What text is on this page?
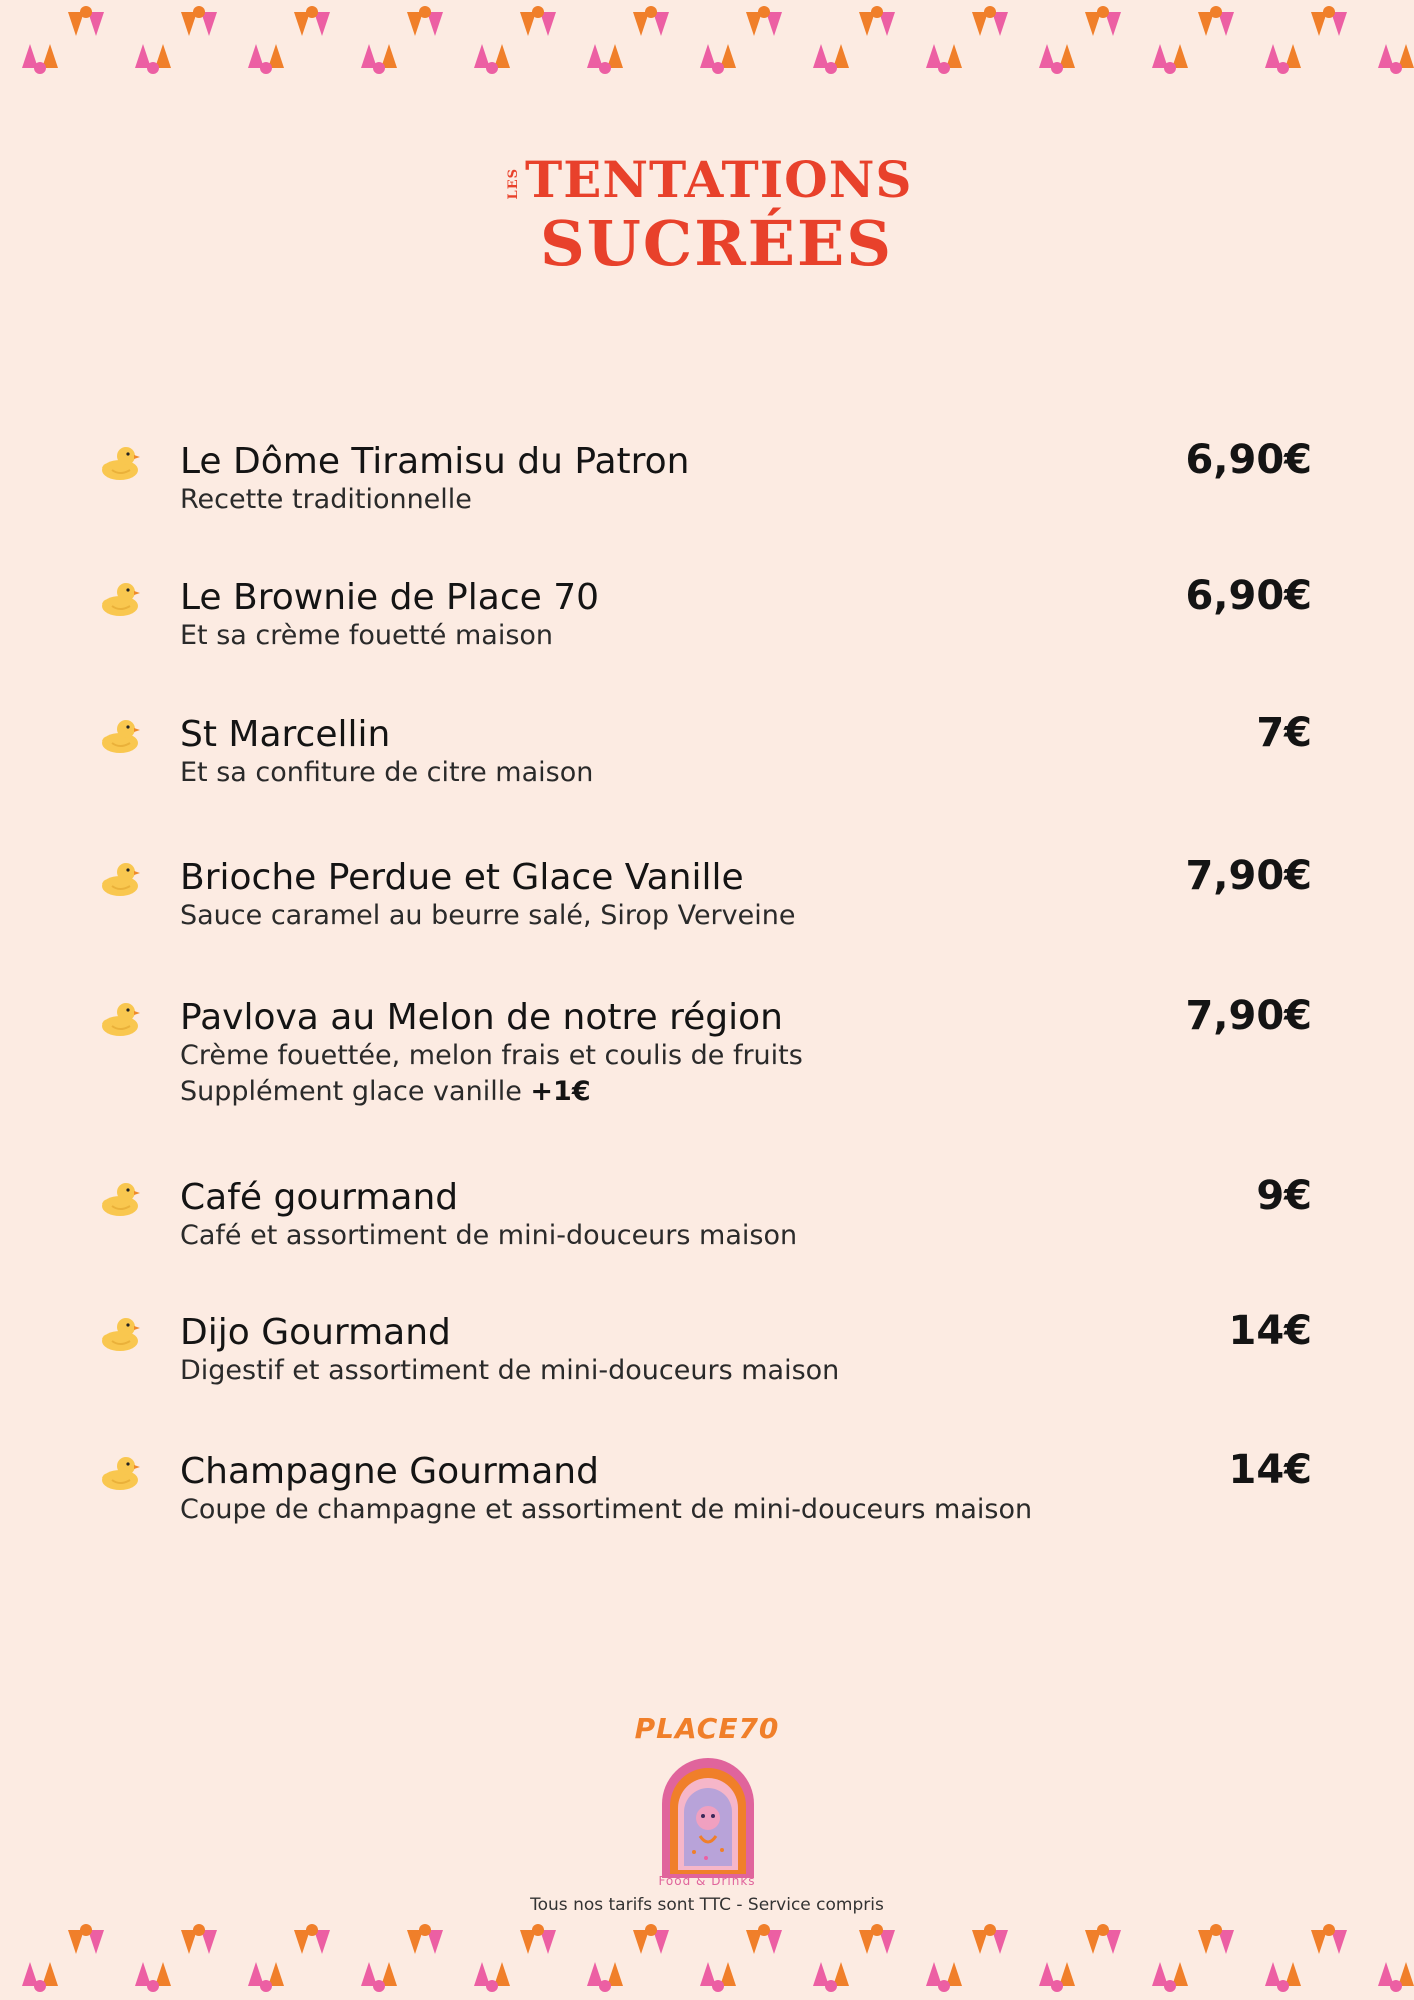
LES TENTATIONS
SUCRÉES
Le Dôme Tiramisu du Patron
Recette traditionnelle
6,90€
Le Brownie de Place 70
Et sa crème fouetté maison
6,90€
St Marcellin
Et sa confiture de citre maison
7€
Brioche Perdue et Glace Vanille
Sauce caramel au beurre salé, Sirop Verveine
7,90€
Pavlova au Melon de notre région
Crème fouettée, melon frais et coulis de fruits
Supplément glace vanille +1€
7,90€
Café gourmand
Café et assortiment de mini-douceurs maison
9€
Dijo Gourmand
Digestif et assortiment de mini-douceurs maison
14€
Champagne Gourmand
Coupe de champagne et assortiment de mini-douceurs maison
14€
PLACE70
Food & Drinks
Tous nos tarifs sont TTC - Service compris
